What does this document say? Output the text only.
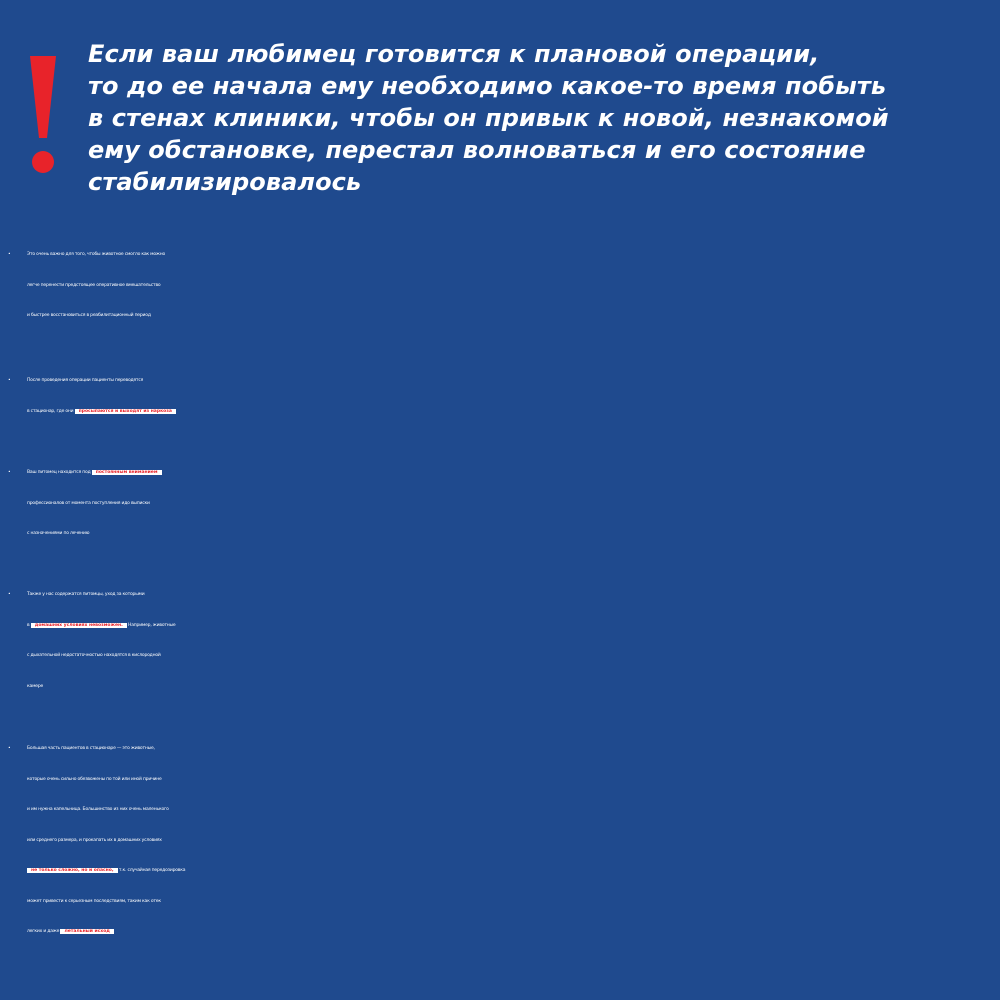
Если ваш любимец готовится к плановой операции,
то до ее начала ему необходимо какое-то время побыть
в стенах клиники, чтобы он привык к новой, незнакомой
ему обстановке, перестал волноваться и его состояние
стабилизировалось
•	Это очень важно для того, чтобы животное смогло как можно
легче перенести предстоящее оперативное вмешательство
и быстрее восстановиться в реабилитационный период
•	После проведения операции пациенты переводятся
в стационар, где они просыпаются и выходят из наркоза
•	Ваш питомец находится под постоянным вниманием
профессионалов от момента поступления идо выписки
с назначениями по лечению
•	Также у нас содержатся питомцы, уход за которыми
в домашних условиях невозможен. Например, животные
с дыхательной недостаточностью находятся в кислородной
камере
•	Большая часть пациентов в стационаре — это животные,
которые очень сильно обезвожены по той или иной причине
и им нужна капельница. Большинство из них очень маленького
или среднего размера, и прокапать их в домашних условиях
не только сложно, но и опасно, т.к. случайная передозировка
может привести к серьезным последствиям, таким как отек
легких и даже летальный исход
